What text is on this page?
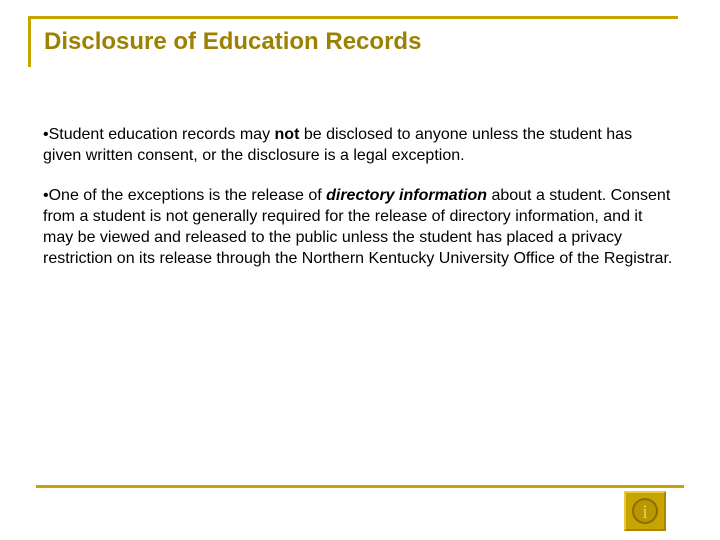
Disclosure of Education Records

•Student education records may not be disclosed to anyone unless the student has given written consent, or the disclosure is a legal exception.

•One of the exceptions is the release of directory information about a student. Consent from a student is not generally required for the release of directory information, and it may be viewed and released to the public unless the student has placed a privacy restriction on its release through the Northern Kentucky University Office of the Registrar.

i
